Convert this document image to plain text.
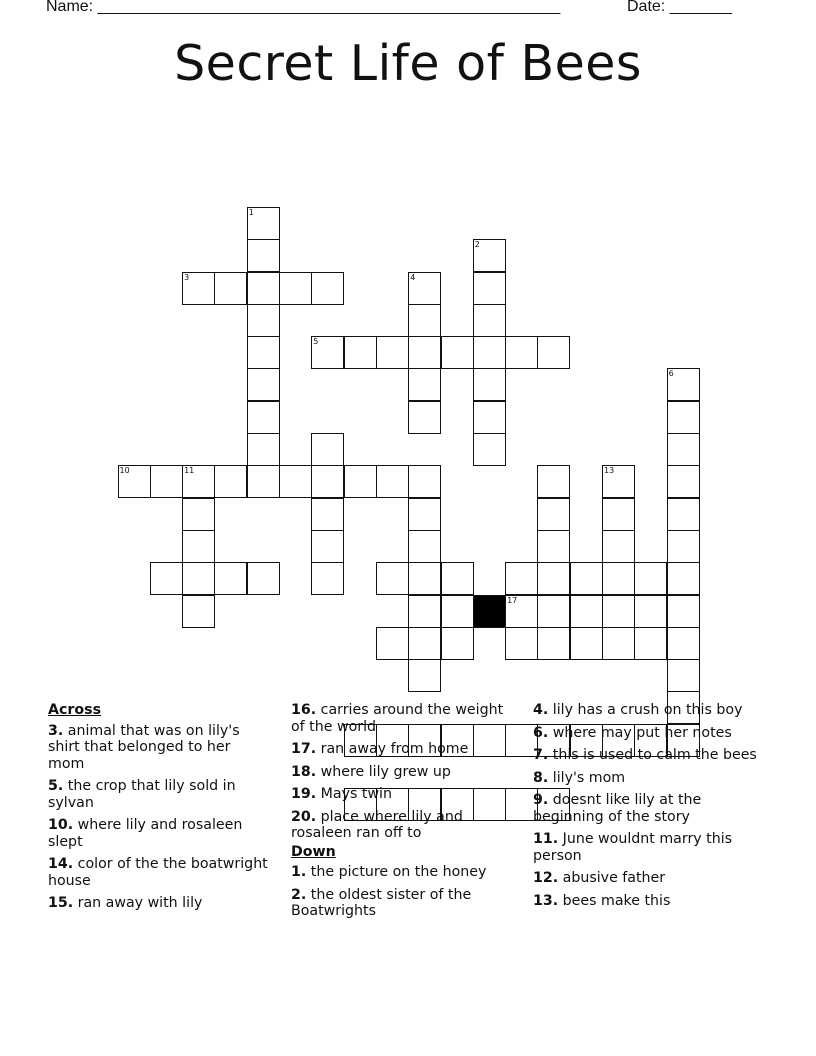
Name: ____________________________________________________	Date: _______
Secret Life of Bees
1
2
3	4
5
6
10	11	13
17
Across
3. animal that was on lily's shirt that belonged to her mom
5. the crop that lily sold in sylvan
10. where lily and rosaleen slept
14. color of the the boatwright house
15. ran away with lily
16. carries around the weight of the world
17. ran away from home
18. where lily grew up
19. Mays twin
20. place where lily and rosaleen ran off to
Down
1. the picture on the honey
2. the oldest sister of the Boatwrights
4. lily has a crush on this boy
6. where may put her notes
7. this is used to calm the bees
8. lily's mom
9. doesnt like lily at the beginning of the story
11. June wouldnt marry this person
12. abusive father
13. bees make this
